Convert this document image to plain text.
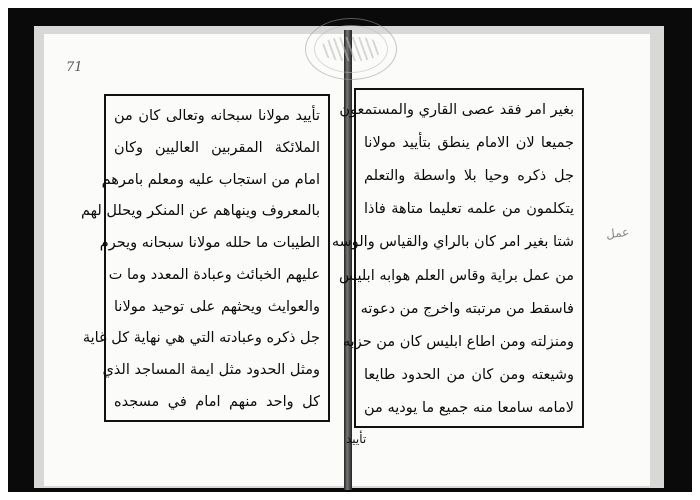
71
تأييد مولانا سبحانه وتعالى كان من
الملائكة المقربين العاليين وكان
امام من استجاب عليه ومعلم بامرهم
بالمعروف وينهاهم عن المنكر ويحلل لهم
الطيبات ما حلله مولانا سبحانه ويحرم
عليهم الخبائث وعبادة المعدد وما ت
والعوايث ويحثهم على توحيد مولانا
جل ذكره وعبادته التي هي نهاية كل غاية
ومثل الحدود مثل ايمة المساجد الذي
كل واحد منهم امام في مسجده
بغير امر فقد عصى القاري والمستمعون
جميعا لان الامام ينطق بتأييد مولانا
جل ذكره وحيا بلا واسطة والتعلم
يتكلمون من علمه تعليما متاهة فاذا
شتا بغير امر كان بالراي والقياس والوسه
من عمل براية وقاس العلم هوابه ابليس
فاسقط من مرتبته واخرج من دعوته
ومنزلته ومن اطاع ابليس كان من حزبه
وشيعته ومن كان من الحدود طايعا
لامامه سامعا منه جميع ما يوديه من
تأييد
عمل
